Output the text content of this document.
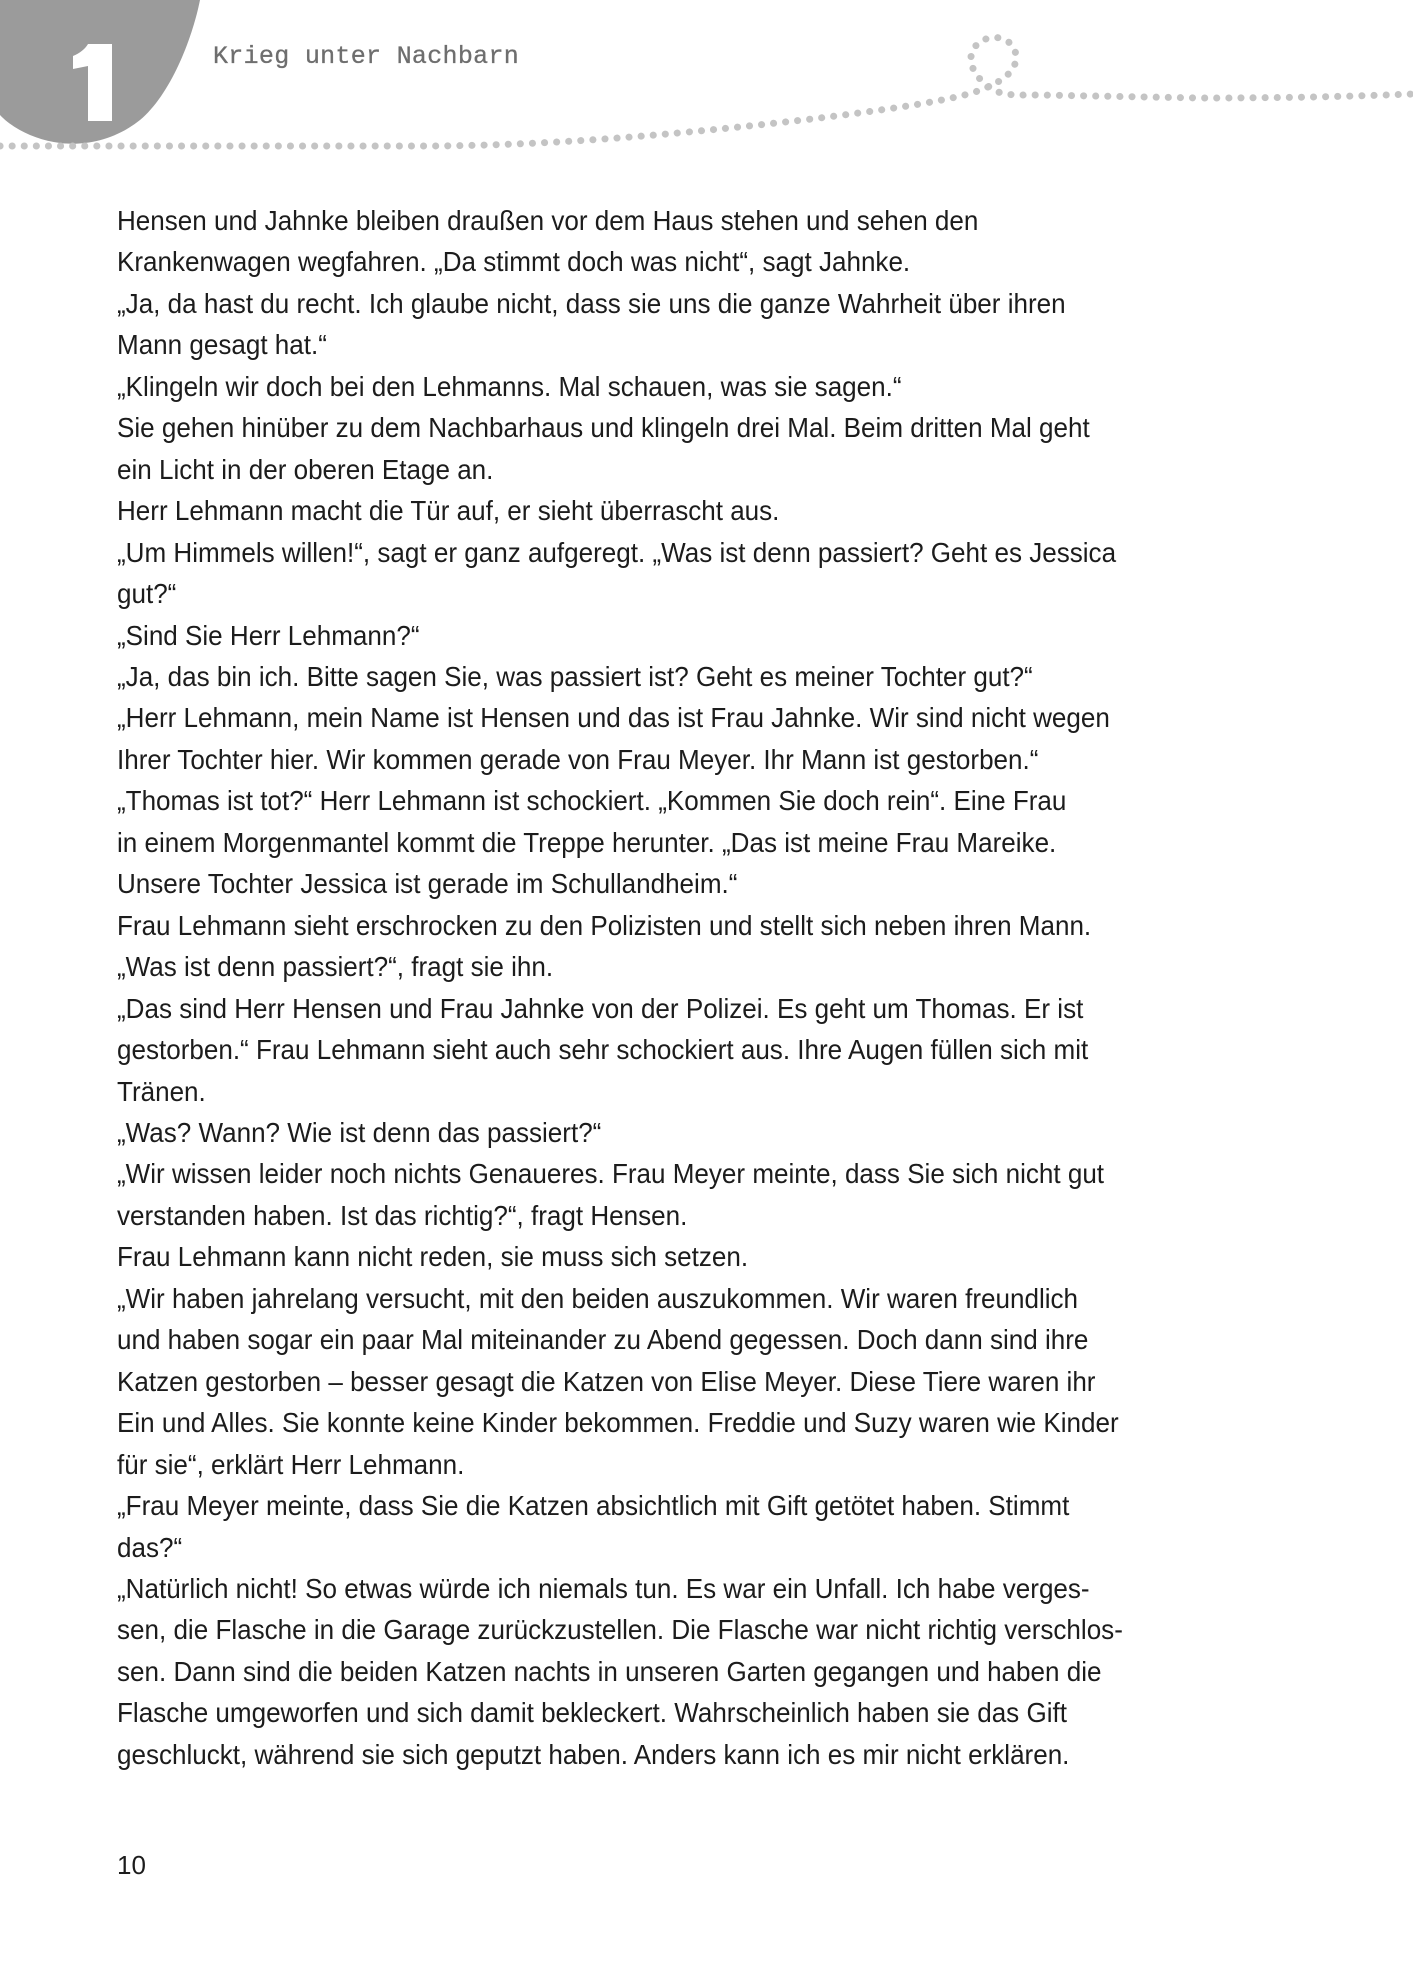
Krieg unter Nachbarn
Hensen und Jahnke bleiben draußen vor dem Haus stehen und sehen den
Krankenwagen wegfahren. „Da stimmt doch was nicht“, sagt Jahnke.
„Ja, da hast du recht. Ich glaube nicht, dass sie uns die ganze Wahrheit über ihren
Mann gesagt hat.“
„Klingeln wir doch bei den Lehmanns. Mal schauen, was sie sagen.“
Sie gehen hinüber zu dem Nachbarhaus und klingeln drei Mal. Beim dritten Mal geht
ein Licht in der oberen Etage an.
Herr Lehmann macht die Tür auf, er sieht überrascht aus.
„Um Himmels willen!“, sagt er ganz aufgeregt. „Was ist denn passiert? Geht es Jessica
gut?“
„Sind Sie Herr Lehmann?“
„Ja, das bin ich. Bitte sagen Sie, was passiert ist? Geht es meiner Tochter gut?“
„Herr Lehmann, mein Name ist Hensen und das ist Frau Jahnke. Wir sind nicht wegen
Ihrer Tochter hier. Wir kommen gerade von Frau Meyer. Ihr Mann ist gestorben.“
„Thomas ist tot?“ Herr Lehmann ist schockiert. „Kommen Sie doch rein“. Eine Frau
in einem Morgenmantel kommt die Treppe herunter. „Das ist meine Frau Mareike.
Unsere Tochter Jessica ist gerade im Schullandheim.“
Frau Lehmann sieht erschrocken zu den Polizisten und stellt sich neben ihren Mann.
„Was ist denn passiert?“, fragt sie ihn.
„Das sind Herr Hensen und Frau Jahnke von der Polizei. Es geht um Thomas. Er ist
gestorben.“ Frau Lehmann sieht auch sehr schockiert aus. Ihre Augen füllen sich mit
Tränen.
„Was? Wann? Wie ist denn das passiert?“
„Wir wissen leider noch nichts Genaueres. Frau Meyer meinte, dass Sie sich nicht gut
verstanden haben. Ist das richtig?“, fragt Hensen.
Frau Lehmann kann nicht reden, sie muss sich setzen.
„Wir haben jahrelang versucht, mit den beiden auszukommen. Wir waren freundlich
und haben sogar ein paar Mal miteinander zu Abend gegessen. Doch dann sind ihre
Katzen gestorben – besser gesagt die Katzen von Elise Meyer. Diese Tiere waren ihr
Ein und Alles. Sie konnte keine Kinder bekommen. Freddie und Suzy waren wie Kinder
für sie“, erklärt Herr Lehmann.
„Frau Meyer meinte, dass Sie die Katzen absichtlich mit Gift getötet haben. Stimmt
das?“
„Natürlich nicht! So etwas würde ich niemals tun. Es war ein Unfall. Ich habe verges-
sen, die Flasche in die Garage zurückzustellen. Die Flasche war nicht richtig verschlos-
sen. Dann sind die beiden Katzen nachts in unseren Garten gegangen und haben die
Flasche umgeworfen und sich damit bekleckert. Wahrscheinlich haben sie das Gift
geschluckt, während sie sich geputzt haben. Anders kann ich es mir nicht erklären.
10
